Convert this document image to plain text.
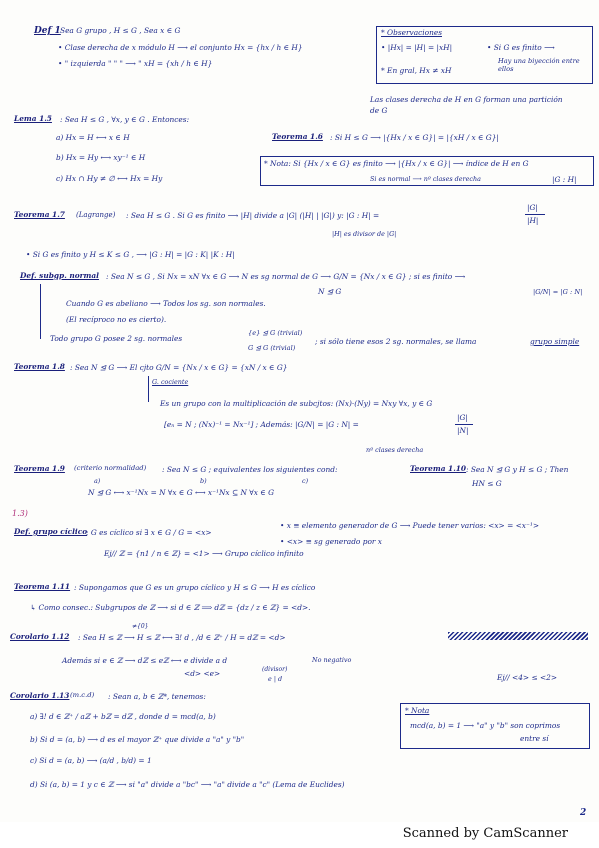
Def 1 Sea G grupo , H ≤ G , Sea x ∈ G
• Clase derecha de x módulo H ⟶ el conjunto Hx = {hx / h ∈ H}
• " izquierda " " " ⟶ " xH = {xh / h ∈ H}
* Observaciones
• |Hx| = |H| = |xH|	• Si G es finito ⟶
* En gral, Hx ≠ xH
Hay una biyección entre ellos
Las clases derecha de H en G forman una partición
de G
Lema 1.5 : Sea H ≤ G , ∀x, y ∈ G . Entonces:
a) Hx = H ⟷ x ∈ H
b) Hx = Hy ⟷ xy⁻¹ ∈ H
c) Hx ∩ Hy ≠ ∅ ⟷ Hx = Hy
Teorema 1.6 : Si H ≤ G ⟶ |{Hx / x ∈ G}| = |{xH / x ∈ G}|
* Nota: Si {Hx / x ∈ G} es finito ⟶ |{Hx / x ∈ G}| ⟶ índice de H en G
Si es normal ⟶ nº clases derecha	|G : H|
Teorema 1.7 (Lagrange) : Sea H ≤ G . Si G es finito ⟶ |H| divide a |G| (|H| | |G|) y: |G : H| =
|G|
|H|
|H| es divisor de |G|
• Si G es finito y H ≤ K ≤ G , ⟶ |G : H| = |G : K| |K : H|
Def. subgp. normal : Sea N ≤ G , Si Nx = xN ∀x ∈ G ⟶ N es sg normal de G ⟶ G/N = {Nx / x ∈ G} ; si es finito ⟶
N ⊴ G	|G/N| = |G : N|
Cuando G es abeliano ⟶ Todos los sg. son normales.
(El recíproco no es cierto).
Todo grupo G posee 2 sg. normales
{e} ⊴ G (trivial)
G ⊴ G (trivial)
; si sólo tiene esos 2 sg. normales, se llama	grupo simple
Teorema 1.8 : Sea N ⊴ G ⟶ El cjto G/N = {Nx / x ∈ G} = {xN / x ∈ G}
G. cociente
Es un grupo con la multiplicación de subcjtos: (Nx)·(Ny) = Nxy ∀x, y ∈ G
[eₙ = N ; (Nx)⁻¹ = Nx⁻¹] ; Además: |G/N| = |G : N| =
|G|
|N|
nº clases derecha
Teorema 1.9 (criterio normalidad) : Sea N ≤ G ; equivalentes los siguientes cond:
a)	b)	c)
N ⊴ G ⟷ x⁻¹Nx = N ∀x ∈ G ⟷ x⁻¹Nx ⊆ N ∀x ∈ G
Teorema 1.10 : Sea N ⊴ G y H ≤ G ; Then
HN ≤ G
1.3)
Def. grupo cíclico
: G es cíclico si ∃ x ∈ G / G = <x>
• x ≡ elemento generador de G ⟶ Puede tener varios: <x> = <x⁻¹>
• <x> ≡ sg generado por x
Ej// ℤ = {n1 / n ∈ ℤ} = <1> ⟶ Grupo cíclico infinito
Teorema 1.11 : Supongamos que G es un grupo cíclico y H ≤ G ⟶ H es cíclico
↳ Como consec.: Subgrupos de ℤ ⟶ si d ∈ ℤ ⟹ dℤ = {dz / z ∈ ℤ} = <d>.
Corolario 1.12 : Sea H ≤ ℤ ⟶ H ≤ ℤ ⟷ ∃! d , /d ∈ ℤ⁺ / H = dℤ = <d>
≠{0}
Además si e ∈ ℤ ⟶ dℤ ≤ eℤ ⟷ e divide a d	No negativo
<d> <e>	(divisor)
e | d	Ej// <4> ≤ <2>
Corolario 1.13 (m.c.d) : Sean a, b ∈ ℤ*, tenemos:
a) ∃! d ∈ ℤ⁺ / aℤ + bℤ = dℤ , donde d = mcd(a, b)
b) Si d = (a, b) ⟶ d es el mayor ℤ⁺ que divide a "a" y "b"
c) Si d = (a, b) ⟶ (a/d , b/d) = 1
d) Si (a, b) = 1 y c ∈ ℤ ⟶ si "a" divide a "bc" ⟶ "a" divide a "c" (Lema de Euclides)
* Nota
mcd(a, b) = 1 ⟶ "a" y "b" son coprimos
entre sí
2
Scanned by CamScanner
